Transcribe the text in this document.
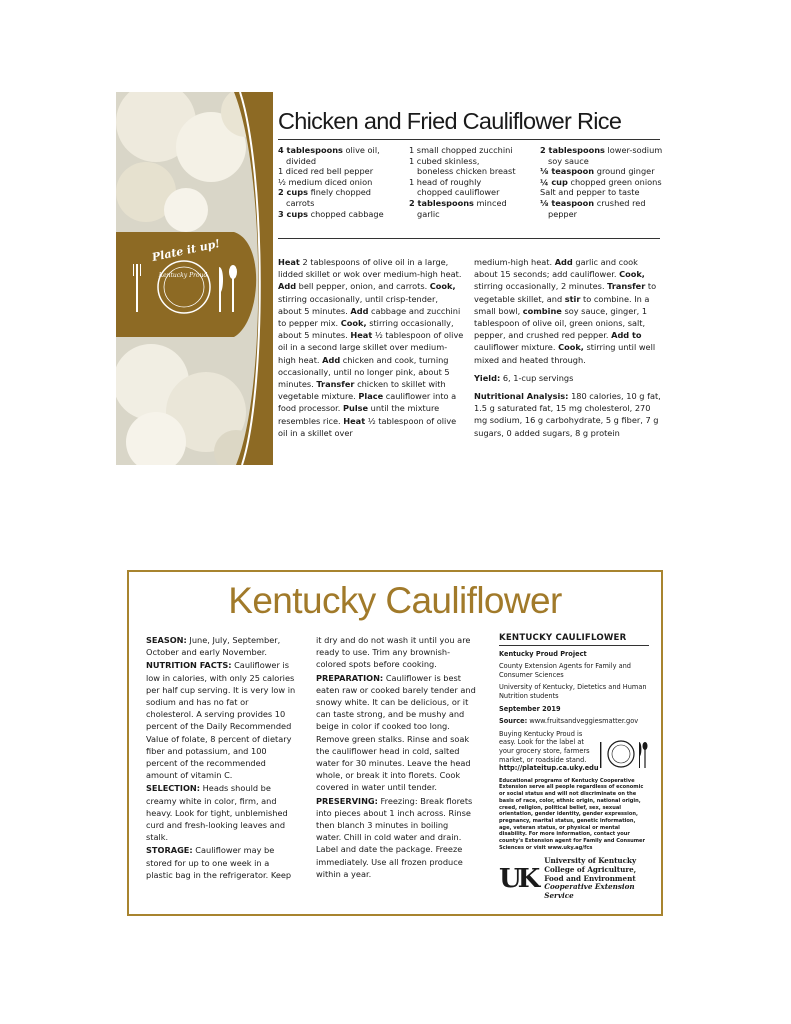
Plate it up!
Kentucky Proud.
Chicken and Fried Cauliflower Rice
4 tablespoons olive oil,
divided
1 diced red bell pepper
½ medium diced onion
2 cups finely chopped
carrots
3 cups chopped cabbage
1 small chopped zucchini
1 cubed skinless,
boneless chicken breast
1 head of roughly
chopped cauliflower
2 tablespoons minced
garlic
2 tablespoons lower-sodium
soy sauce
⅛ teaspoon ground ginger
¼ cup chopped green onions
Salt and pepper to taste
⅛ teaspoon crushed red
pepper

Heat 2 tablespoons of olive oil in a large, lidded skillet or wok over medium-high heat. Add bell pepper, onion, and carrots. Cook, stirring occasionally, until crisp-tender, about 5 minutes. Add cabbage and zucchini to pepper mix. Cook, stirring occasionally, about 5 minutes. Heat ½ tablespoon of olive oil in a second large skillet over medium-high heat. Add chicken and cook, turning occasionally, until no longer pink, about 5 minutes. Transfer chicken to skillet with vegetable mixture. Place cauliflower into a food processor. Pulse until the mixture resembles rice. Heat ½ tablespoon of olive oil in a skillet over

medium-high heat. Add garlic and cook about 15 seconds; add cauliflower. Cook, stirring occasionally, 2 minutes. Transfer to vegetable skillet, and stir to combine. In a small bowl, combine soy sauce, ginger, 1 tablespoon of olive oil, green onions, salt, pepper, and crushed red pepper. Add to cauliflower mixture. Cook, stirring until well mixed and heated through.

Yield: 6, 1-cup servings

Nutritional Analysis: 180 calories, 10 g fat, 1.5 g saturated fat, 15 mg cholesterol, 270 mg sodium, 16 g carbohydrate, 5 g fiber, 7 g sugars, 0 added sugars, 8 g protein

Kentucky Cauliflower

SEASON: June, July, September, October and early November.

NUTRITION FACTS: Cauliflower is low in calories, with only 25 calories per half cup serving. It is very low in sodium and has no fat or cholesterol. A serving provides 10 percent of the Daily Recommended Value of folate, 8 percent of dietary fiber and potassium, and 100 percent of the recommended amount of vitamin C.

SELECTION: Heads should be creamy white in color, firm, and heavy. Look for tight, unblemished curd and fresh-looking leaves and stalk.

STORAGE: Cauliflower may be stored for up to one week in a plastic bag in the refrigerator. Keep

it dry and do not wash it until you are ready to use. Trim any brownish-colored spots before cooking.

PREPARATION: Cauliflower is best eaten raw or cooked barely tender and snowy white. It can be delicious, or it can taste strong, and be mushy and beige in color if cooked too long. Remove green stalks. Rinse and soak the cauliflower head in cold, salted water for 30 minutes. Leave the head whole, or break it into florets. Cook covered in water until tender.

PRESERVING: Freezing: Break florets into pieces about 1 inch across. Rinse then blanch 3 minutes in boiling water. Chill in cold water and drain. Label and date the package. Freeze immediately. Use all frozen produce within a year.

KENTUCKY CAULIFLOWER

Kentucky Proud Project

County Extension Agents for Family and Consumer Sciences

University of Kentucky, Dietetics and Human Nutrition students

September 2019

Source: www.fruitsandveggiesmatter.gov

Buying Kentucky Proud is easy. Look for the label at your grocery store, farmers market, or roadside stand. http://plateitup.ca.uky.edu
Educational programs of Kentucky Cooperative Extension serve all people regardless of economic or social status and will not discriminate on the basis of race, color, ethnic origin, national origin, creed, religion, political belief, sex, sexual orientation, gender identity, gender expression, pregnancy, marital status, genetic information, age, veteran status, or physical or mental disability. For more information, contact your county's Extension agent for Family and Consumer Sciences or visit www.uky.ag/fcs
UK
University of Kentucky
College of Agriculture,
Food and Environment
Cooperative Extension Service
